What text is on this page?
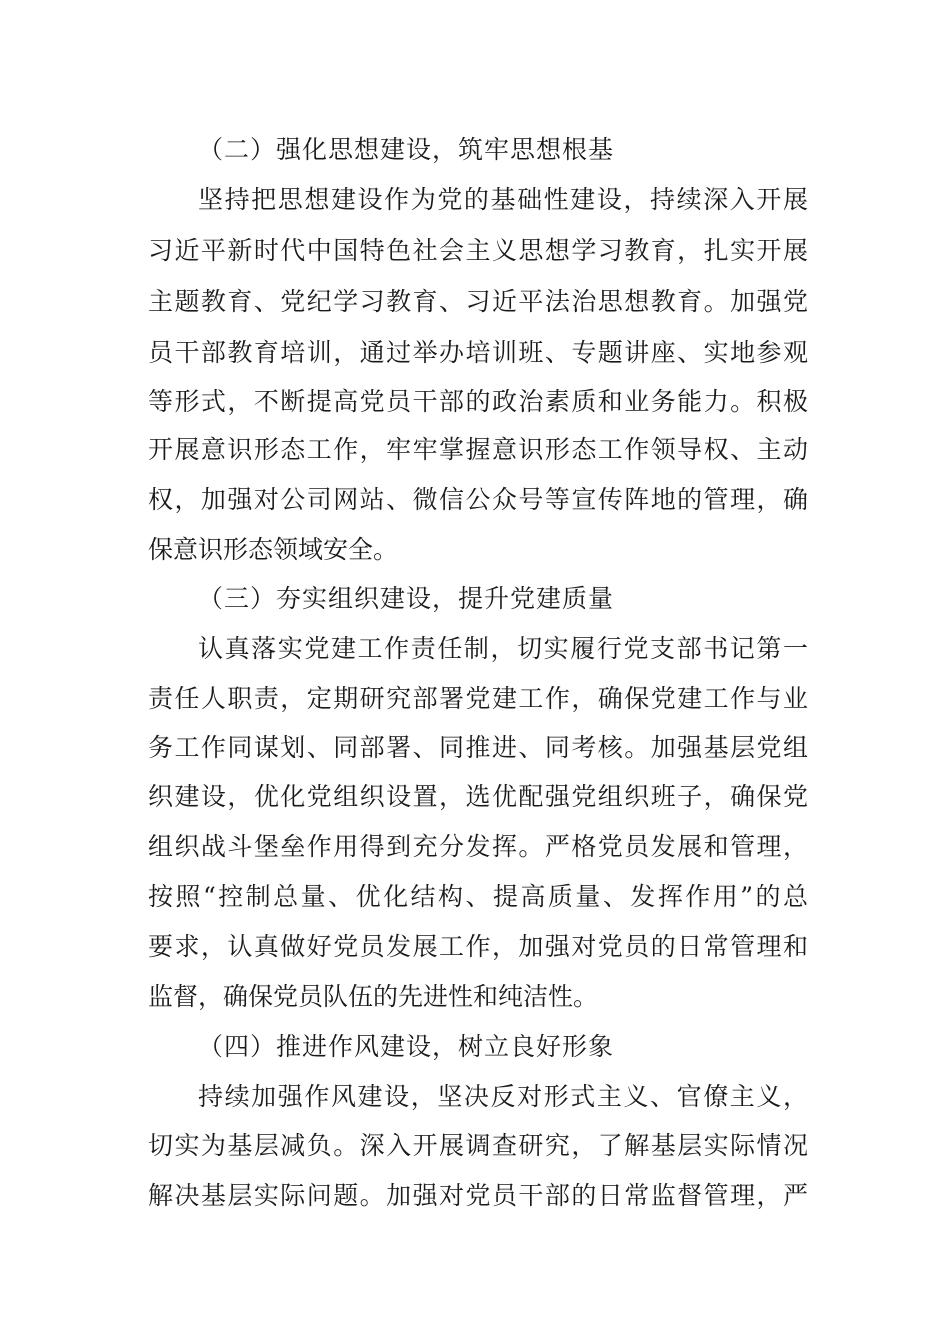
（二）强化思想建设，筑牢思想根基
坚持把思想建设作为党的基础性建设，持续深入开展
习近平新时代中国特色社会主义思想学习教育，扎实开展
主题教育、党纪学习教育、习近平法治思想教育。加强党
员干部教育培训，通过举办培训班、专题讲座、实地参观
等形式，不断提高党员干部的政治素质和业务能力。积极
开展意识形态工作，牢牢掌握意识形态工作领导权、主动
权，加强对公司网站、微信公众号等宣传阵地的管理，确
保意识形态领域安全。
（三）夯实组织建设，提升党建质量
认真落实党建工作责任制，切实履行党支部书记第一
责任人职责，定期研究部署党建工作，确保党建工作与业
务工作同谋划、同部署、同推进、同考核。加强基层党组
织建设，优化党组织设置，选优配强党组织班子，确保党
组织战斗堡垒作用得到充分发挥。严格党员发展和管理，
按照“控制总量、优化结构、提高质量、发挥作用”的总
要求，认真做好党员发展工作，加强对党员的日常管理和
监督，确保党员队伍的先进性和纯洁性。
（四）推进作风建设，树立良好形象
持续加强作风建设，坚决反对形式主义、官僚主义，
切实为基层减负。深入开展调查研究，了解基层实际情况
解决基层实际问题。加强对党员干部的日常监督管理，严
